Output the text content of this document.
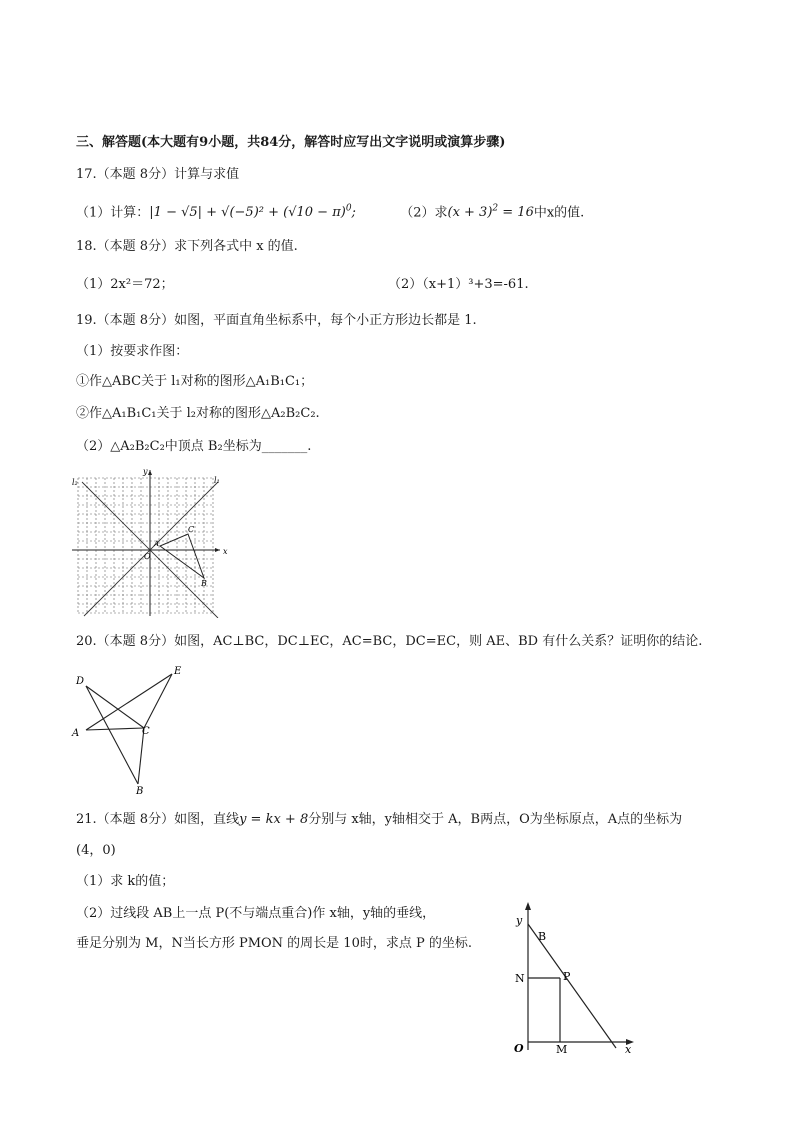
三、解答题(本大题有9小题，共84分，解答时应写出文字说明或演算步骤)
17.（本题 8分）计算与求值
（1）计算：$|1 - √5| + √(-5)^2 + (√10 - \pi)^0$;	（2）求$(x + 3)^2 = 16$中x的值.
18.（本题 8分）求下列各式中 x 的值.
（1）2x²＝72；	（2）（x+1）³+3=-61.
19.（本题 8分）如图，平面直角坐标系中，每个小正方形边长都是 1.
（1）按要求作图：
①作△ABC关于 l₁对称的图形△A₁B₁C₁；
②作△A₁B₁C₁关于 l₂对称的图形△A₂B₂C₂.
（2）△A₂B₂C₂中顶点 B₂坐标为_______.
x
y
O
A
B
C
l₁
l₂
20.（本题 8分）如图，AC⊥BC，DC⊥EC，AC=BC，DC=EC，则 AE、BD 有什么关系？证明你的结论.
D
E
A	C
B
21.（本题 8分）如图，直线y = kx + 8分别与 x轴，y轴相交于 A，B两点，O为坐标原点，A点的坐标为
(4，0)
（1）求 k的值；
（2）过线段 AB上一点 P(不与端点重合)作 x轴，y轴的垂线，
垂足分别为 M，N当长方形 PMON 的周长是 10时，求点 P 的坐标.
y
x
O
B
N	P
M
